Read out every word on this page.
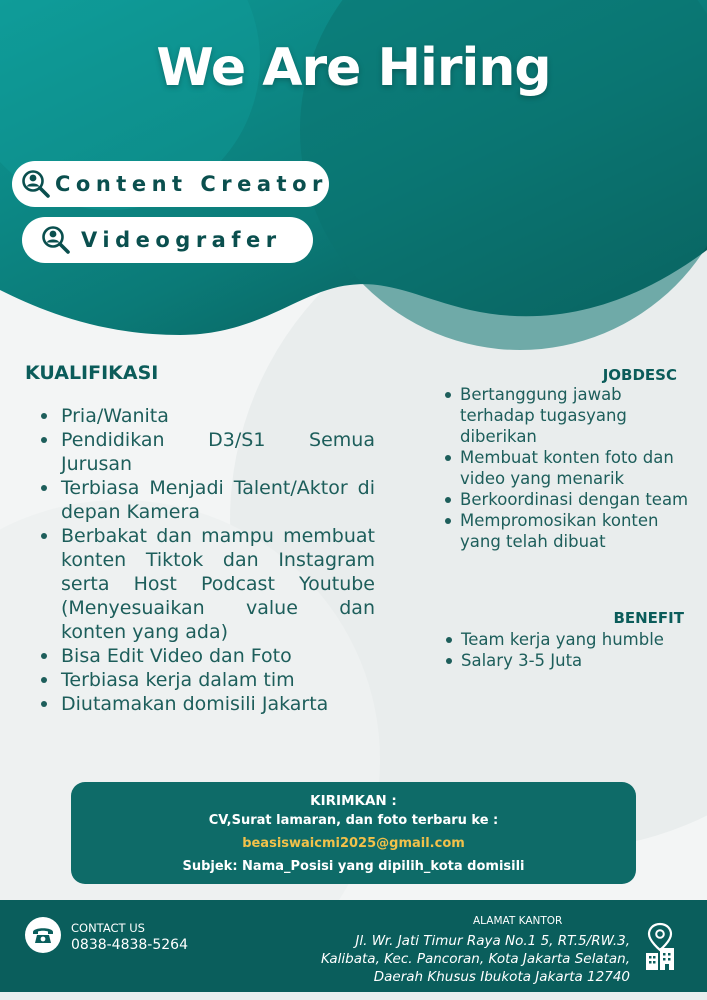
We Are Hiring
Content Creator
Videografer
KUALIFIKASI
Pria/Wanita
Pendidikan D3/S1 Semua Jurusan
Terbiasa Menjadi Talent/Aktor di depan Kamera
Berbakat dan mampu membuat konten Tiktok dan Instagram serta Host Podcast Youtube (Menyesuaikan value dan konten yang ada)
Bisa Edit Video dan Foto
Terbiasa kerja dalam tim
Diutamakan domisili Jakarta
JOBDESC
Bertanggung jawab terhadap tugasyang diberikan
Membuat konten foto dan video yang menarik
Berkoordinasi dengan team
Mempromosikan konten yang telah dibuat
BENEFIT
Team kerja yang humble
Salary 3-5 Juta
KIRIMKAN :
CV,Surat lamaran, dan foto terbaru ke :
beasiswaicmi2025@gmail.com
Subjek: Nama_Posisi yang dipilih_kota domisili
CONTACT US
0838-4838-5264
ALAMAT KANTOR
Jl. Wr. Jati Timur Raya No.1 5, RT.5/RW.3,
Kalibata, Kec. Pancoran, Kota Jakarta Selatan,
Daerah Khusus Ibukota Jakarta 12740
